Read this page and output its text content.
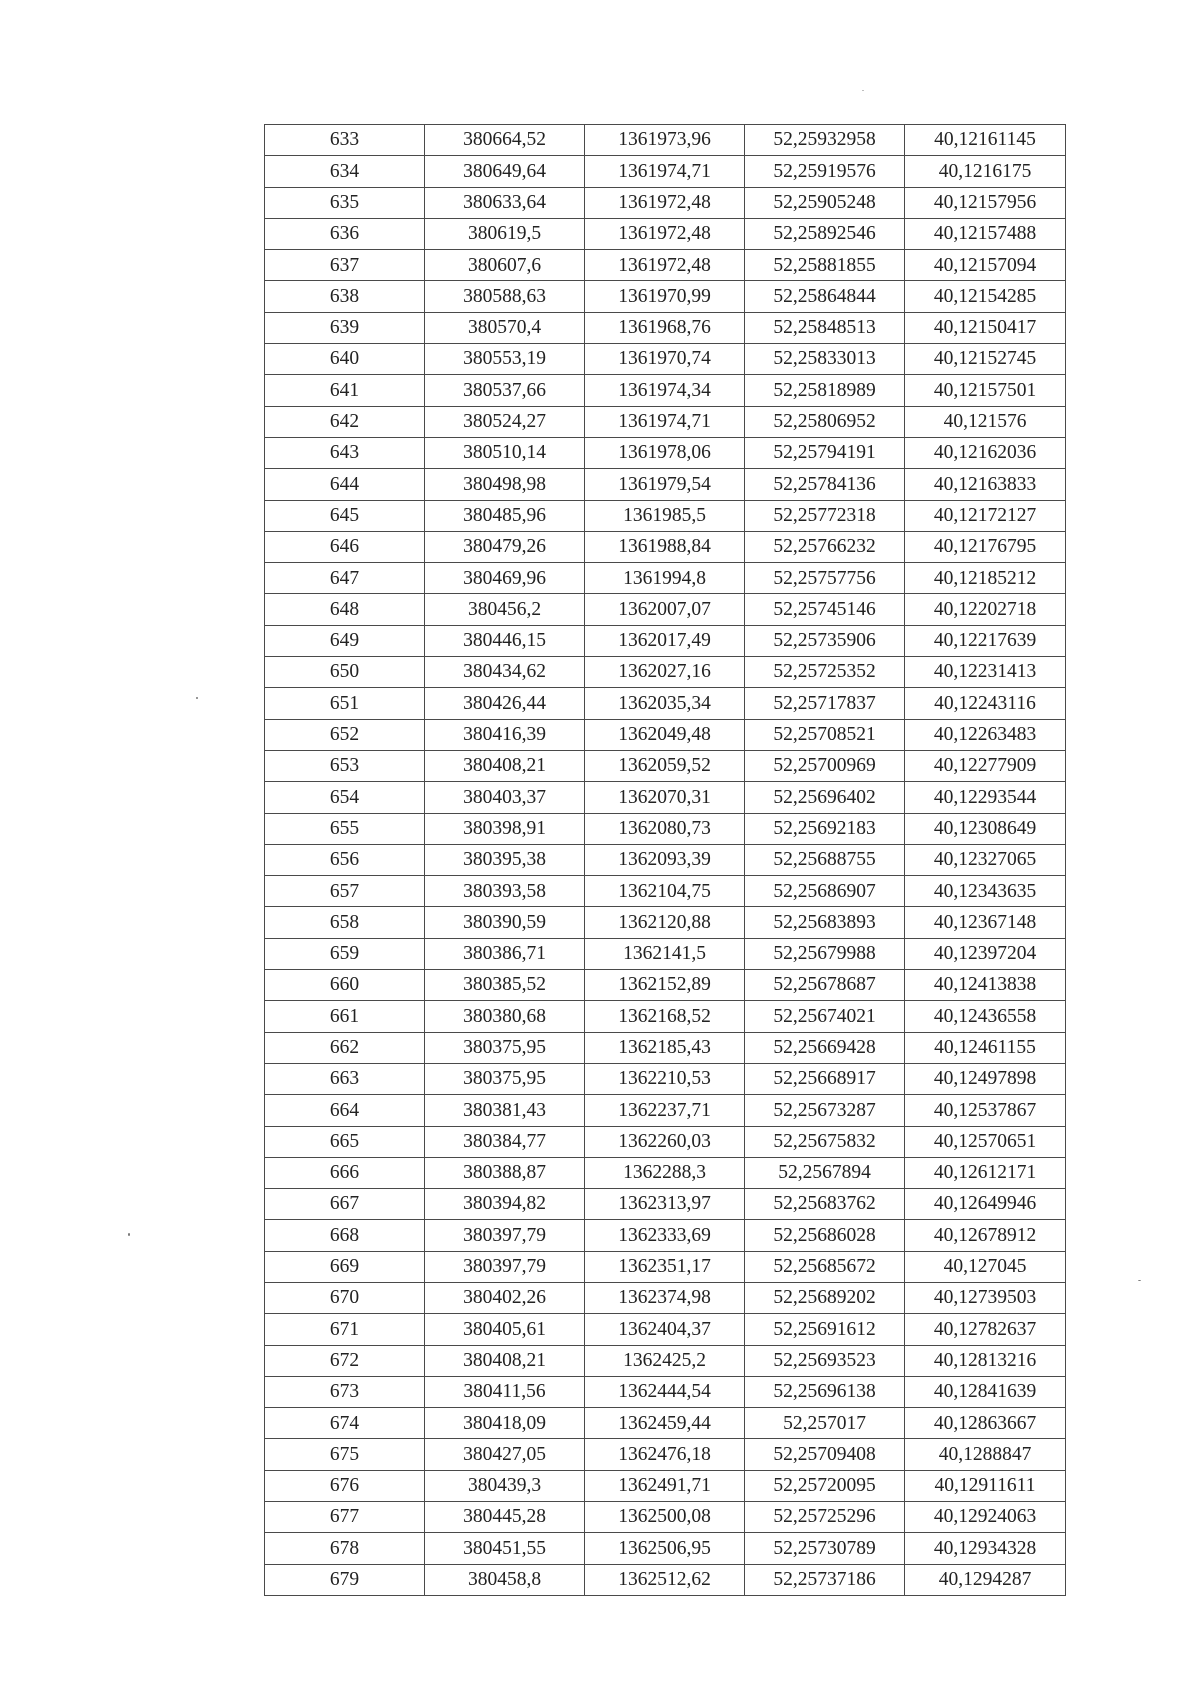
633	380664,52	1361973,96	52,25932958	40,12161145
634	380649,64	1361974,71	52,25919576	40,1216175
635	380633,64	1361972,48	52,25905248	40,12157956
636	380619,5	1361972,48	52,25892546	40,12157488
637	380607,6	1361972,48	52,25881855	40,12157094
638	380588,63	1361970,99	52,25864844	40,12154285
639	380570,4	1361968,76	52,25848513	40,12150417
640	380553,19	1361970,74	52,25833013	40,12152745
641	380537,66	1361974,34	52,25818989	40,12157501
642	380524,27	1361974,71	52,25806952	40,121576
643	380510,14	1361978,06	52,25794191	40,12162036
644	380498,98	1361979,54	52,25784136	40,12163833
645	380485,96	1361985,5	52,25772318	40,12172127
646	380479,26	1361988,84	52,25766232	40,12176795
647	380469,96	1361994,8	52,25757756	40,12185212
648	380456,2	1362007,07	52,25745146	40,12202718
649	380446,15	1362017,49	52,25735906	40,12217639
650	380434,62	1362027,16	52,25725352	40,12231413
651	380426,44	1362035,34	52,25717837	40,12243116
652	380416,39	1362049,48	52,25708521	40,12263483
653	380408,21	1362059,52	52,25700969	40,12277909
654	380403,37	1362070,31	52,25696402	40,12293544
655	380398,91	1362080,73	52,25692183	40,12308649
656	380395,38	1362093,39	52,25688755	40,12327065
657	380393,58	1362104,75	52,25686907	40,12343635
658	380390,59	1362120,88	52,25683893	40,12367148
659	380386,71	1362141,5	52,25679988	40,12397204
660	380385,52	1362152,89	52,25678687	40,12413838
661	380380,68	1362168,52	52,25674021	40,12436558
662	380375,95	1362185,43	52,25669428	40,12461155
663	380375,95	1362210,53	52,25668917	40,12497898
664	380381,43	1362237,71	52,25673287	40,12537867
665	380384,77	1362260,03	52,25675832	40,12570651
666	380388,87	1362288,3	52,2567894	40,12612171
667	380394,82	1362313,97	52,25683762	40,12649946
668	380397,79	1362333,69	52,25686028	40,12678912
669	380397,79	1362351,17	52,25685672	40,127045
670	380402,26	1362374,98	52,25689202	40,12739503
671	380405,61	1362404,37	52,25691612	40,12782637
672	380408,21	1362425,2	52,25693523	40,12813216
673	380411,56	1362444,54	52,25696138	40,12841639
674	380418,09	1362459,44	52,257017	40,12863667
675	380427,05	1362476,18	52,25709408	40,1288847
676	380439,3	1362491,71	52,25720095	40,12911611
677	380445,28	1362500,08	52,25725296	40,12924063
678	380451,55	1362506,95	52,25730789	40,12934328
679	380458,8	1362512,62	52,25737186	40,1294287
